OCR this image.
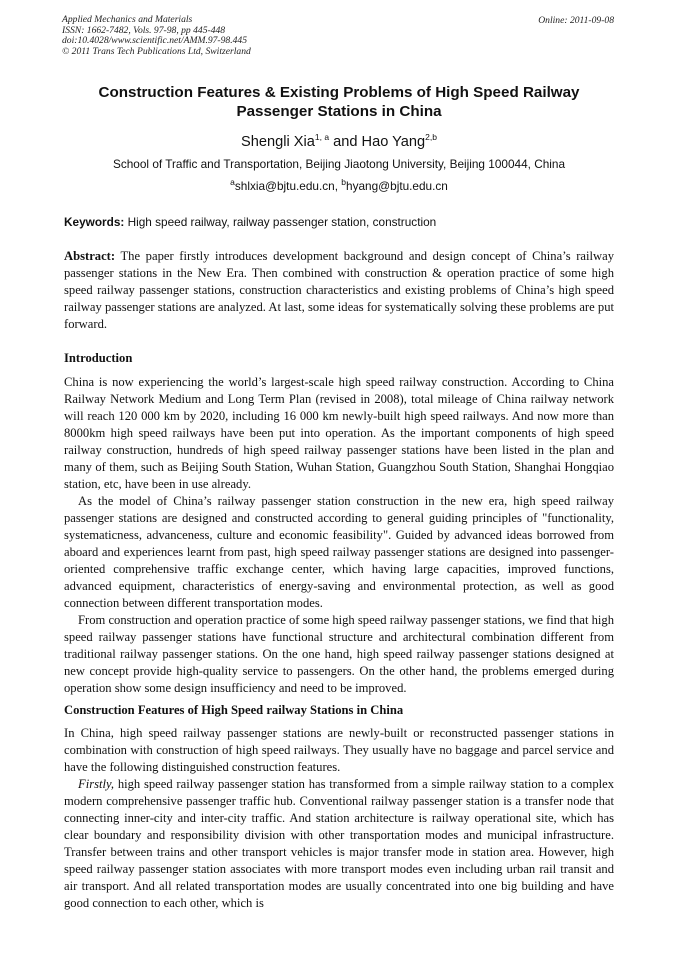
Applied Mechanics and Materials
ISSN: 1662-7482, Vols. 97-98, pp 445-448
doi:10.4028/www.scientific.net/AMM.97-98.445
© 2011 Trans Tech Publications Ltd, Switzerland
Online: 2011-09-08
Construction Features & Existing Problems of High Speed Railway Passenger Stations in China
Shengli Xia$^{1, a}$ and Hao Yang$^{2,b}$
School of Traffic and Transportation, Beijing Jiaotong University, Beijing 100044, China
$^a$shlxia@bjtu.edu.cn, $^b$hyang@bjtu.edu.cn
Keywords: High speed railway, railway passenger station, construction

Abstract: The paper firstly introduces development background and design concept of China’s railway passenger stations in the New Era. Then combined with construction & operation practice of some high speed railway passenger stations, construction characteristics and existing problems of China’s high speed railway passenger stations are analyzed. At last, some ideas for systematically solving these problems are put forward.

Introduction

China is now experiencing the world’s largest-scale high speed railway construction. According to China Railway Network Medium and Long Term Plan (revised in 2008), total mileage of China railway network will reach 120 000 km by 2020, including 16 000 km newly-built high speed railways. And now more than 8000km high speed railways have been put into operation. As the important components of high speed railway construction, hundreds of high speed railway passenger stations have been listed in the plan and many of them, such as Beijing South Station, Wuhan Station, Guangzhou South Station, Shanghai Hongqiao station, etc, have been in use already.

As the model of China’s railway passenger station construction in the new era, high speed railway passenger stations are designed and constructed according to general guiding principles of "functionality, systematicness, advanceness, culture and economic feasibility". Guided by advanced ideas borrowed from aboard and experiences learnt from past, high speed railway passenger stations are designed into passenger-oriented comprehensive traffic exchange center, which having large capacities, improved functions, advanced equipment, characteristics of energy-saving and environmental protection, as well as good connection between different transportation modes.

From construction and operation practice of some high speed railway passenger stations, we find that high speed railway passenger stations have functional structure and architectural combination different from traditional railway passenger stations. On the one hand, high speed railway passenger stations designed at new concept provide high-quality service to passengers. On the other hand, the problems emerged during operation show some design insufficiency and need to be improved.

Construction Features of High Speed railway Stations in China

In China, high speed railway passenger stations are newly-built or reconstructed passenger stations in combination with construction of high speed railways. They usually have no baggage and parcel service and have the following distinguished construction features.

Firstly, high speed railway passenger station has transformed from a simple railway station to a complex modern comprehensive passenger traffic hub. Conventional railway passenger station is a transfer node that connecting inner-city and inter-city traffic. And station architecture is railway operational site, which has clear boundary and responsibility division with other transportation modes and municipal infrastructure. Transfer between trains and other transport vehicles is major transfer mode in station area. However, high speed railway passenger station associates with more transport modes even including urban rail transit and air transport. And all related transportation modes are usually concentrated into one big building and have good connection to each other, which is
